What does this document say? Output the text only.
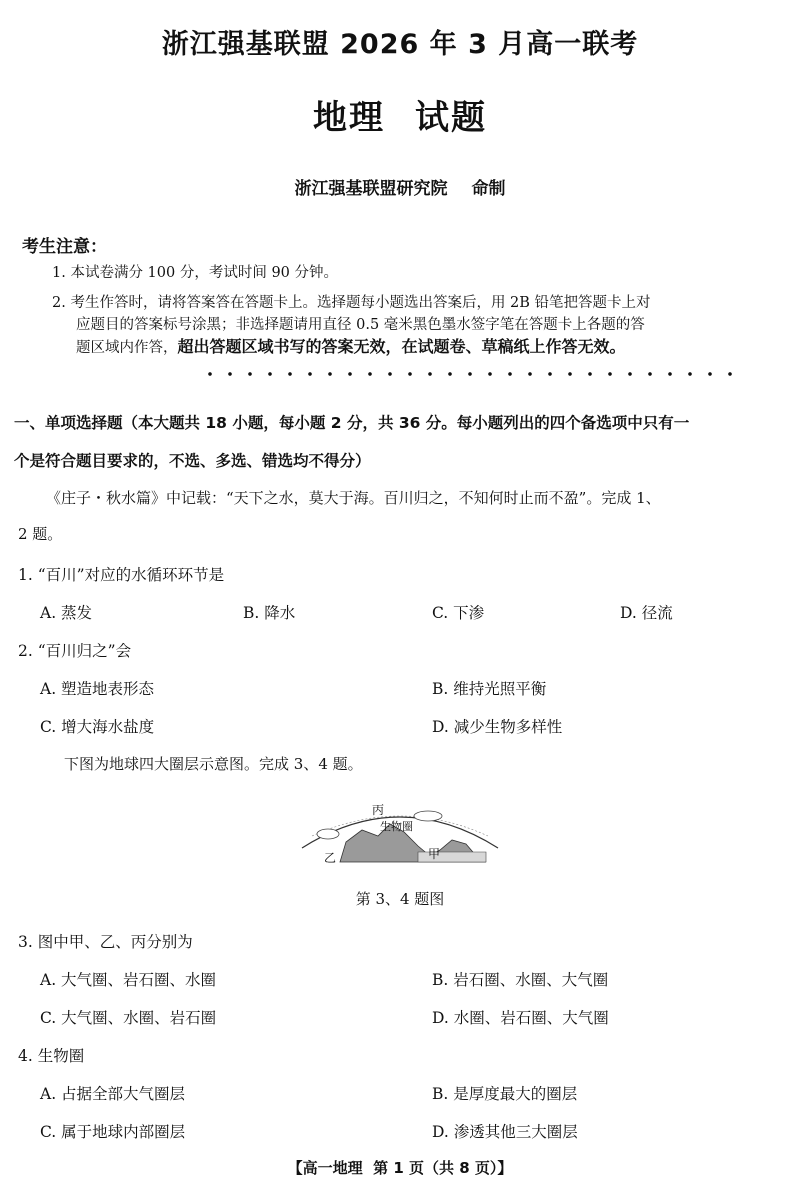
浙江强基联盟 2026 年 3 月高一联考
地理 试题
浙江强基联盟研究院 命制
考生注意：
1. 本试卷满分 100 分，考试时间 90 分钟。
2. 考生作答时，请将答案答在答题卡上。选择题每小题选出答案后，用 2B 铅笔把答题卡上对
应题目的答案标号涂黑；非选择题请用直径 0.5 毫米黑色墨水签字笔在答题卡上各题的答
题区域内作答，超出答题区域书写的答案无效，在试题卷、草稿纸上作答无效。
一、单项选择题（本大题共 18 小题，每小题 2 分，共 36 分。每小题列出的四个备选项中只有一
个是符合题目要求的，不选、多选、错选均不得分）
《庄子・秋水篇》中记载：“天下之水，莫大于海。百川归之，不知何时止而不盈”。完成 1、
2 题。
1. “百川”对应的水循环环节是
A. 蒸发	B. 降水	C. 下渗	D. 径流
2. “百川归之”会
A. 塑造地表形态	B. 维持光照平衡
C. 增大海水盐度	D. 减少生物多样性
下图为地球四大圈层示意图。完成 3、4 题。
丙
生物圈
乙	甲
第 3、4 题图
3. 图中甲、乙、丙分别为
A. 大气圈、岩石圈、水圈	B. 岩石圈、水圈、大气圈
C. 大气圈、水圈、岩石圈	D. 水圈、岩石圈、大气圈
4. 生物圈
A. 占据全部大气圈层	B. 是厚度最大的圈层
C. 属于地球内部圈层	D. 渗透其他三大圈层
【高一地理 第 1 页（共 8 页）】
